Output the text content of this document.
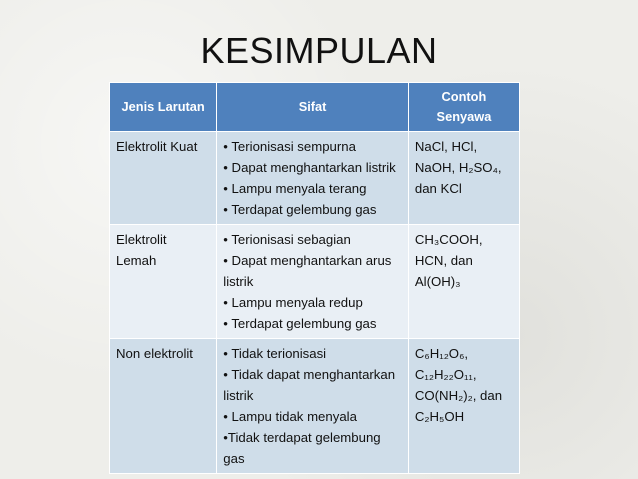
KESIMPULAN
Jenis Larutan	Sifat	Contoh Senyawa
Elektrolit Kuat	• Terionisasi sempurna
• Dapat menghantarkan listrik
• Lampu menyala terang
• Terdapat gelembung gas	NaCl, HCl, NaOH, H₂SO₄, dan KCl
Elektrolit Lemah	• Terionisasi sebagian
• Dapat menghantarkan arus listrik
• Lampu menyala redup
• Terdapat gelembung gas	CH₃COOH, HCN, dan Al(OH)₃
Non elektrolit	• Tidak terionisasi
• Tidak dapat menghantarkan listrik
• Lampu tidak menyala
•Tidak terdapat gelembung gas	C₆H₁₂O₆, C₁₂H₂₂O₁₁, CO(NH₂)₂, dan C₂H₅OH
